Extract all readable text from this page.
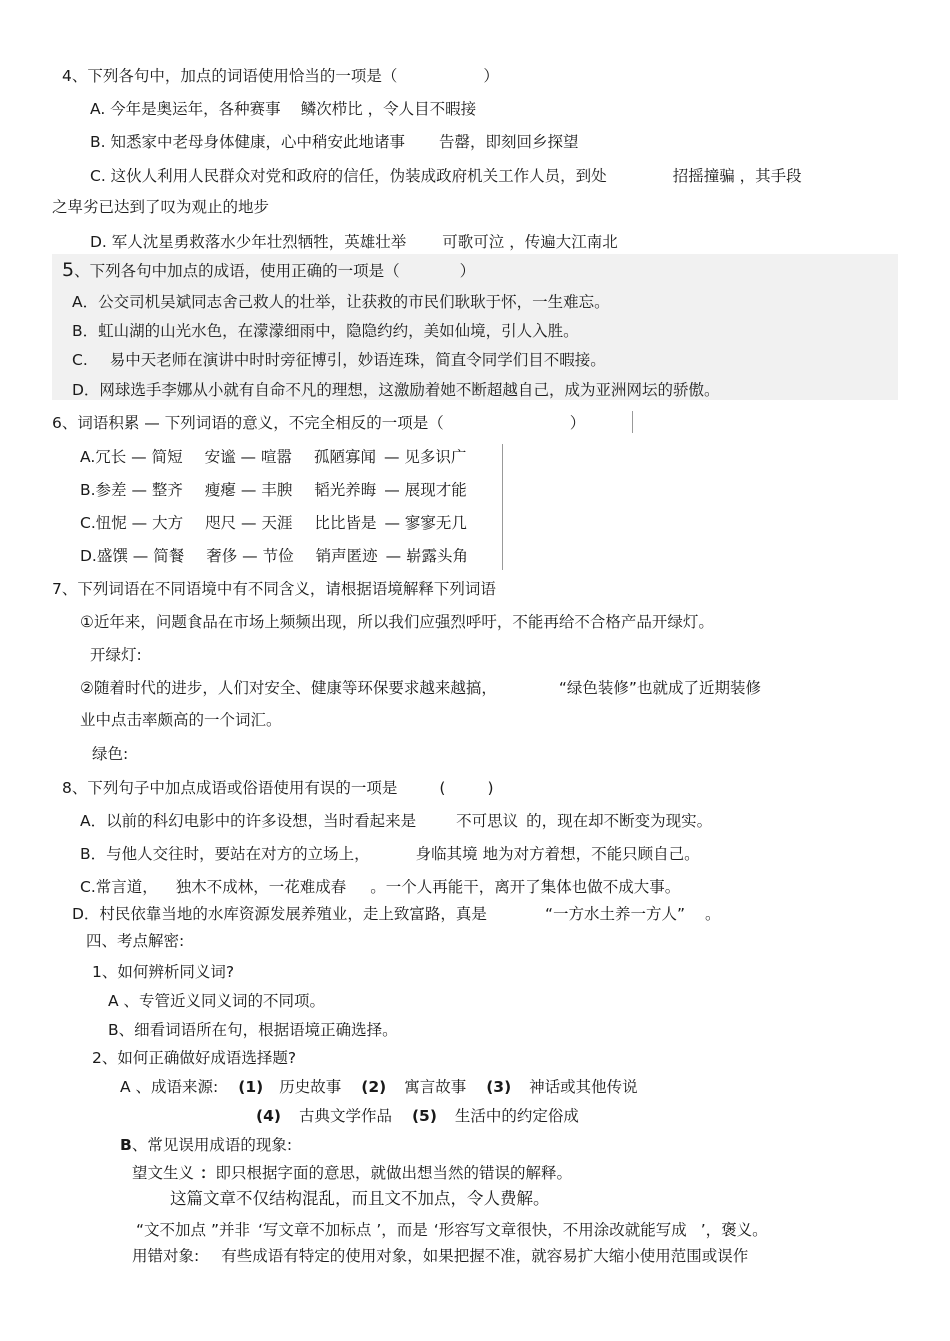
4、下列各句中，加点的词语使用恰当的一项是（	）
A. 今年是奥运年，各种赛事 鳞次栉比 ，令人目不暇接
B. 知悉家中老母身体健康，心中稍安此地诸事 告罄，即刻回乡探望
C. 这伙人利用人民群众对党和政府的信任，伪装成政府机关工作人员，到处	招摇撞骗 ，其手段
之卑劣已达到了叹为观止的地步
D. 军人沈星勇救落水少年壮烈牺牲，英雄壮举 可歌可泣 ，传遍大江南北
5、下列各句中加点的成语，使用正确的一项是（	）
A．公交司机吴斌同志舍己救人的壮举，让获救的市民们耿耿于怀，一生难忘。
B．虹山湖的山光水色，在濛濛细雨中，隐隐约约，美如仙境，引人入胜。
C. 易中天老师在演讲中时时旁征博引，妙语连珠，简直令同学们目不暇接。
D．网球选手李娜从小就有自命不凡的理想，这激励着她不断超越自己，成为亚洲网坛的骄傲。
6、词语积累 — 下列词语的意义，不完全相反的一项是（	）
A.冗长 — 简短 安谧 — 喧嚣 孤陋寡闻 — 见多识广
B.参差 — 整齐 瘦瘪 — 丰腴 韬光养晦 — 展现才能
C.忸怩 — 大方 咫尺 — 天涯 比比皆是 — 寥寥无几
D.盛馔 — 简餐 奢侈 — 节俭 销声匿迹 — 崭露头角
7、下列词语在不同语境中有不同含义，请根据语境解释下列词语
①近年来，问题食品在市场上频频出现，所以我们应强烈呼吁，不能再给不合格产品开绿灯。
开绿灯:
②随着时代的进步，人们对安全、健康等环保要求越来越搞，	“绿色装修”也就成了近期装修
业中点击率颇高的一个词汇。
绿色:
8、下列句子中加点成语或俗语使用有误的一项是	(	)
A．以前的科幻电影中的许多设想，当时看起来是	不可思议 的，现在却不断变为现实。
B．与他人交往时，要站在对方的立场上，	身临其境 地为对方着想，不能只顾自己。
C.常言道， 独木不成林，一花难成春 。一个人再能干，离开了集体也做不成大事。
D．村民依靠当地的水库资源发展养殖业，走上致富路，真是	“一方水土养一方人” 。
四、考点解密:
1、如何辨析同义词?
A 、专管近义同义词的不同项。
B、细看词语所在句，根据语境正确选择。
2、如何正确做好成语选择题?
A 、成语来源: (1) 历史故事 (2) 寓言故事 (3) 神话或其他传说
(4) 古典文学作品 (5) 生活中的约定俗成
B、常见误用成语的现象:
望文生义 ：即只根据字面的意思，就做出想当然的错误的解释。
这篇文章不仅结构混乱，而且文不加点，令人费解。
“文不加点 ”并非 ‘写文章不加标点 ’，而是 ‘形容写文章很快，不用涂改就能写成 ’，褒义。
用错对象: 有些成语有特定的使用对象，如果把握不准，就容易扩大缩小使用范围或误作
